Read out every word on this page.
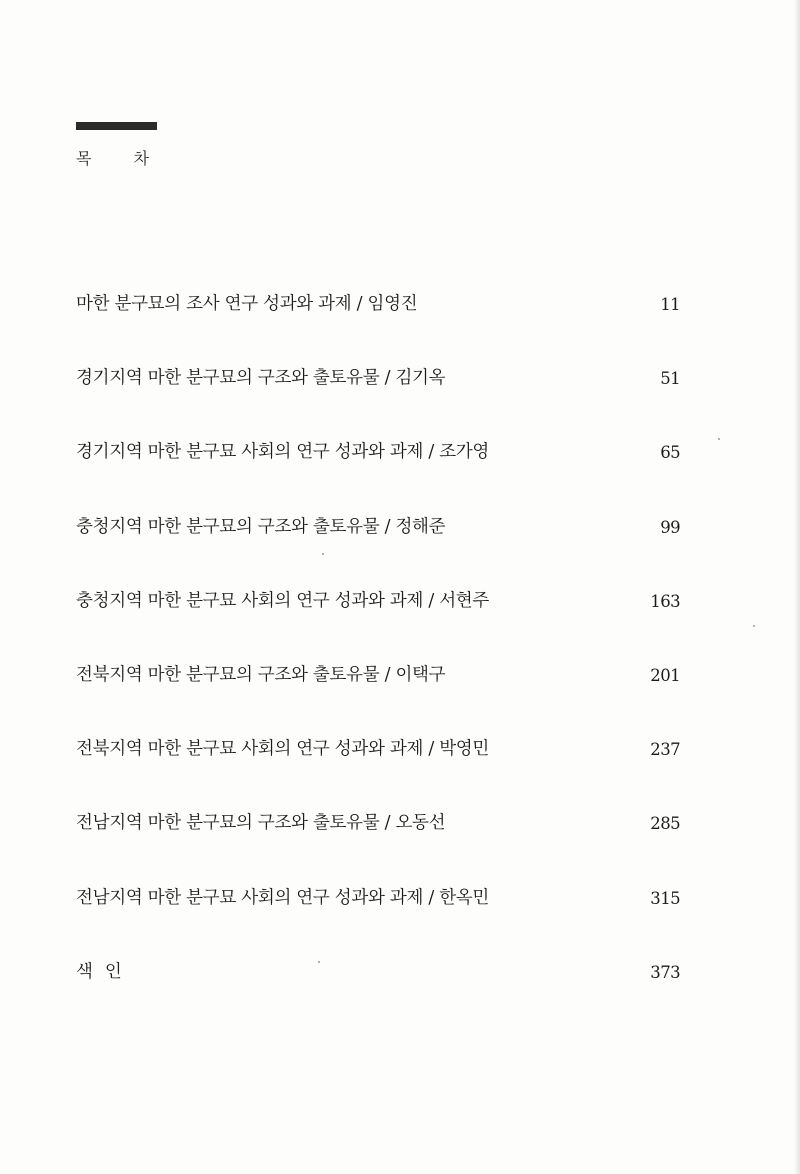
목차
마한 분구묘의 조사 연구 성과와 과제 / 임영진	11
경기지역 마한 분구묘의 구조와 출토유물 / 김기옥	51
경기지역 마한 분구묘 사회의 연구 성과와 과제 / 조가영	65
충청지역 마한 분구묘의 구조와 출토유물 / 정해준	99
충청지역 마한 분구묘 사회의 연구 성과와 과제 / 서현주	163
전북지역 마한 분구묘의 구조와 출토유물 / 이택구	201
전북지역 마한 분구묘 사회의 연구 성과와 과제 / 박영민	237
전남지역 마한 분구묘의 구조와 출토유물 / 오동선	285
전남지역 마한 분구묘 사회의 연구 성과와 과제 / 한옥민	315
색인	373
